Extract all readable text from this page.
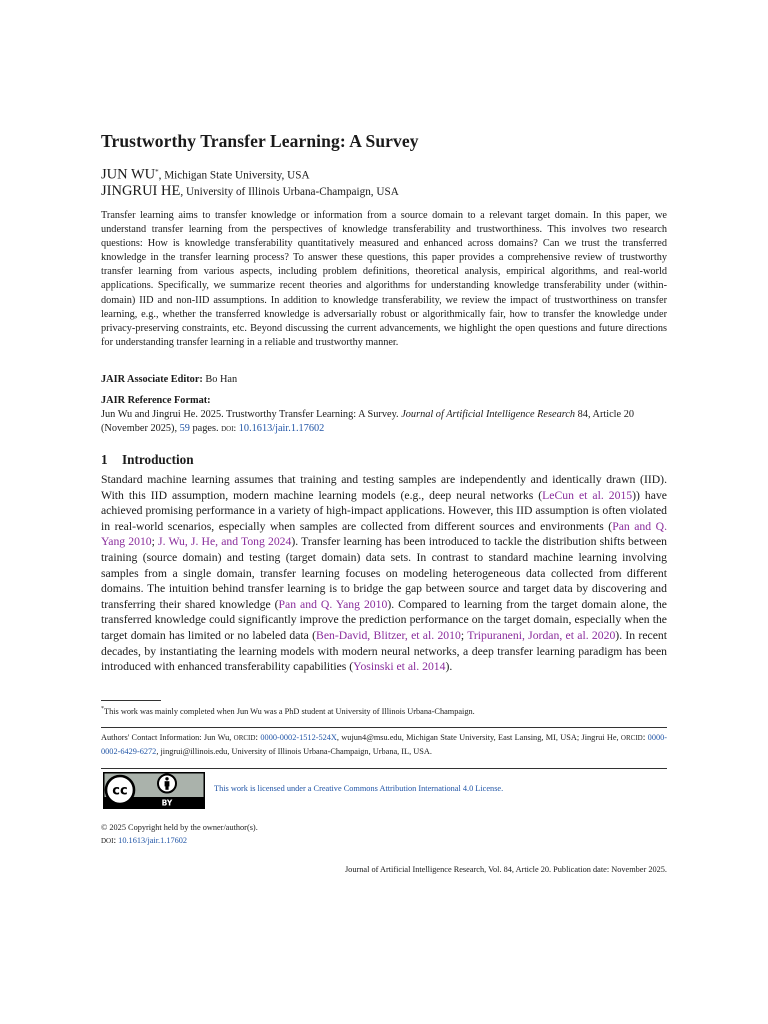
Trustworthy Transfer Learning: A Survey
JUN WU*, Michigan State University, USA
JINGRUI HE, University of Illinois Urbana-Champaign, USA
Transfer learning aims to transfer knowledge or information from a source domain to a relevant target domain. In this paper, we understand transfer learning from the perspectives of knowledge transferability and trustworthiness. This involves two research questions: How is knowledge transferability quantitatively measured and enhanced across domains? Can we trust the transferred knowledge in the transfer learning process? To answer these questions, this paper provides a comprehensive review of trustworthy transfer learning from various aspects, including problem definitions, theoretical analysis, empirical algorithms, and real-world applications. Specifically, we summarize recent theories and algorithms for understanding knowledge transferability under (within-domain) IID and non-IID assumptions. In addition to knowledge transferability, we review the impact of trustworthiness on transfer learning, e.g., whether the transferred knowledge is adversarially robust or algorithmically fair, how to transfer the knowledge under privacy-preserving constraints, etc. Beyond discussing the current advancements, we highlight the open questions and future directions for understanding transfer learning in a reliable and trustworthy manner.
JAIR Associate Editor: Bo Han
JAIR Reference Format:
Jun Wu and Jingrui He. 2025. Trustworthy Transfer Learning: A Survey. Journal of Artificial Intelligence Research 84, Article 20 (November 2025), 59 pages. doi: 10.1613/jair.1.17602
1 Introduction
Standard machine learning assumes that training and testing samples are independently and identically drawn (IID). With this IID assumption, modern machine learning models (e.g., deep neural networks (LeCun et al. 2015)) have achieved promising performance in a variety of high-impact applications. However, this IID assumption is often violated in real-world scenarios, especially when samples are collected from different sources and environments (Pan and Q. Yang 2010; J. Wu, J. He, and Tong 2024). Transfer learning has been introduced to tackle the distribution shifts between training (source domain) and testing (target domain) data sets. In contrast to standard machine learning involving samples from a single domain, transfer learning focuses on modeling heterogeneous data collected from different domains. The intuition behind transfer learning is to bridge the gap between source and target data by discovering and transferring their shared knowledge (Pan and Q. Yang 2010). Compared to learning from the target domain alone, the transferred knowledge could significantly improve the prediction performance on the target domain, especially when the target domain has limited or no labeled data (Ben-David, Blitzer, et al. 2010; Tripuraneni, Jordan, et al. 2020). In recent decades, by instantiating the learning models with modern neural networks, a deep transfer learning paradigm has been introduced with enhanced transferability capabilities (Yosinski et al. 2014).
*This work was mainly completed when Jun Wu was a PhD student at University of Illinois Urbana-Champaign.
Authors' Contact Information: Jun Wu, orcid: 0000-0002-1512-524X, wujun4@msu.edu, Michigan State University, East Lansing, MI, USA; Jingrui He, orcid: 0000-0002-6429-6272, jingrui@illinois.edu, University of Illinois Urbana-Champaign, Urbana, IL, USA.
cc
BY
This work is licensed under a Creative Commons Attribution International 4.0 License.
© 2025 Copyright held by the owner/author(s).
doi: 10.1613/jair.1.17602
Journal of Artificial Intelligence Research, Vol. 84, Article 20. Publication date: November 2025.
